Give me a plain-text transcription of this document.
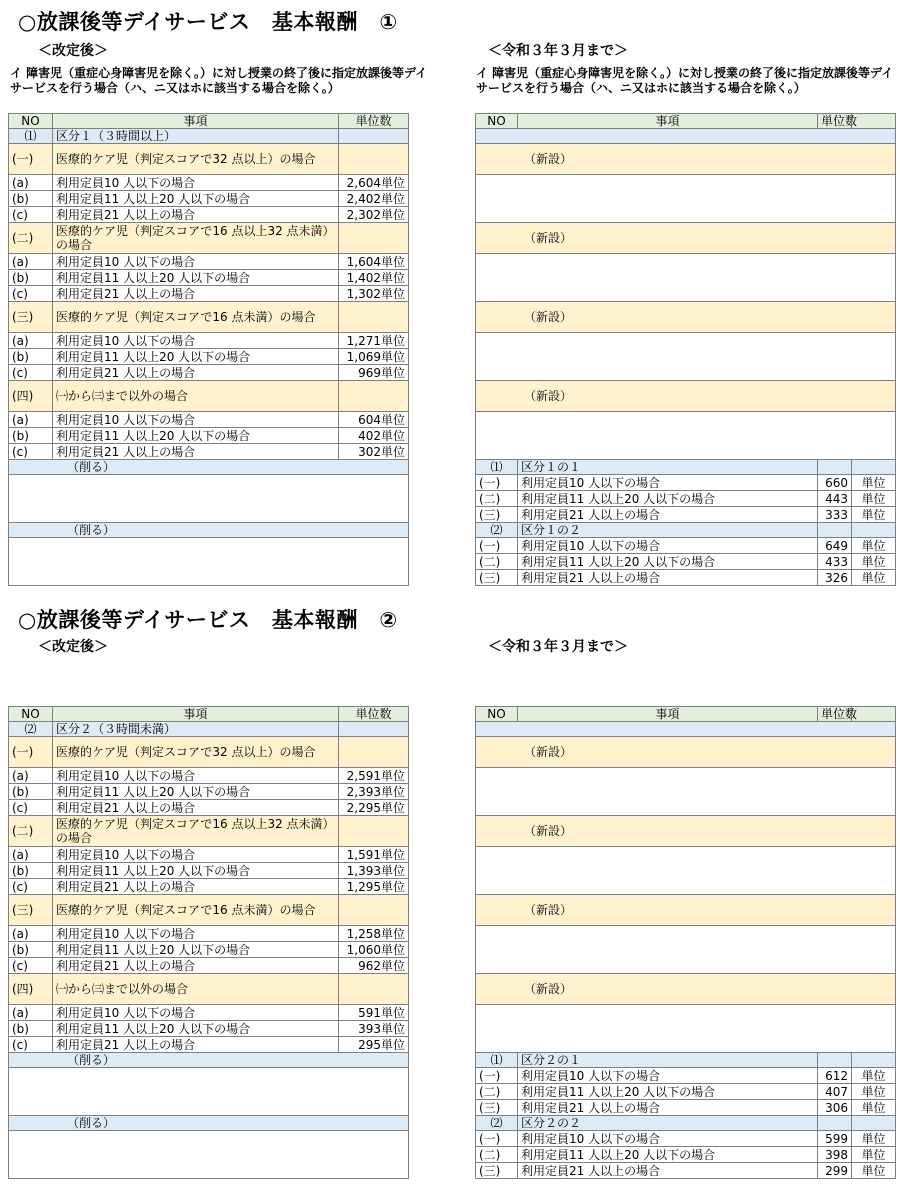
○放課後等デイサービス　基本報酬　①
＜改定後＞	＜令和３年３月まで＞
イ 障害児（重症心身障害児を除く。）に対し授業の終了後に指定放課後等デイサービスを行う場合（ハ、ニ又はホに該当する場合を除く。）
イ 障害児（重症心身障害児を除く。）に対し授業の終了後に指定放課後等デイサービスを行う場合（ハ、ニ又はホに該当する場合を除く。）
NO	事項	単位数
⑴	区分１（３時間以上）	
(一)	医療的ケア児（判定スコアで32 点以上）の場合	
(a)	利用定員10 人以下の場合	2,604単位
(b)	利用定員11 人以上20 人以下の場合	2,402単位
(c)	利用定員21 人以上の場合	2,302単位
(二)	医療的ケア児（判定スコアで16 点以上32 点未満）の場合	
(a)	利用定員10 人以下の場合	1,604単位
(b)	利用定員11 人以上20 人以下の場合	1,402単位
(c)	利用定員21 人以上の場合	1,302単位
(三)	医療的ケア児（判定スコアで16 点未満）の場合	
(a)	利用定員10 人以下の場合	1,271単位
(b)	利用定員11 人以上20 人以下の場合	1,069単位
(c)	利用定員21 人以上の場合	969単位
(四)	㈠から㈢まで以外の場合	
(a)	利用定員10 人以下の場合	604単位
(b)	利用定員11 人以上20 人以下の場合	402単位
(c)	利用定員21 人以上の場合	302単位
（削る）		

（削る）		

NO	事項	単位数	

（新設）			

（新設）			

（新設）			

（新設）			

⑴	区分１の１		
(一)	利用定員10 人以下の場合	660	単位
(二)	利用定員11 人以上20 人以下の場合	443	単位
(三)	利用定員21 人以上の場合	333	単位
⑵	区分１の２		
(一)	利用定員10 人以下の場合	649	単位
(二)	利用定員11 人以上20 人以下の場合	433	単位
(三)	利用定員21 人以上の場合	326	単位
○放課後等デイサービス　基本報酬　②
＜改定後＞	＜令和３年３月まで＞
NO	事項	単位数
⑵	区分２（３時間未満）	
(一)	医療的ケア児（判定スコアで32 点以上）の場合	
(a)	利用定員10 人以下の場合	2,591単位
(b)	利用定員11 人以上20 人以下の場合	2,393単位
(c)	利用定員21 人以上の場合	2,295単位
(二)	医療的ケア児（判定スコアで16 点以上32 点未満）の場合	
(a)	利用定員10 人以下の場合	1,591単位
(b)	利用定員11 人以上20 人以下の場合	1,393単位
(c)	利用定員21 人以上の場合	1,295単位
(三)	医療的ケア児（判定スコアで16 点未満）の場合	
(a)	利用定員10 人以下の場合	1,258単位
(b)	利用定員11 人以上20 人以下の場合	1,060単位
(c)	利用定員21 人以上の場合	962単位
(四)	㈠から㈢まで以外の場合	
(a)	利用定員10 人以下の場合	591単位
(b)	利用定員11 人以上20 人以下の場合	393単位
(c)	利用定員21 人以上の場合	295単位
（削る）		

（削る）		

NO	事項	単位数	

（新設）			

（新設）			

（新設）			

（新設）			

⑴	区分２の１		
(一)	利用定員10 人以下の場合	612	単位
(二)	利用定員11 人以上20 人以下の場合	407	単位
(三)	利用定員21 人以上の場合	306	単位
⑵	区分２の２		
(一)	利用定員10 人以下の場合	599	単位
(二)	利用定員11 人以上20 人以下の場合	398	単位
(三)	利用定員21 人以上の場合	299	単位
